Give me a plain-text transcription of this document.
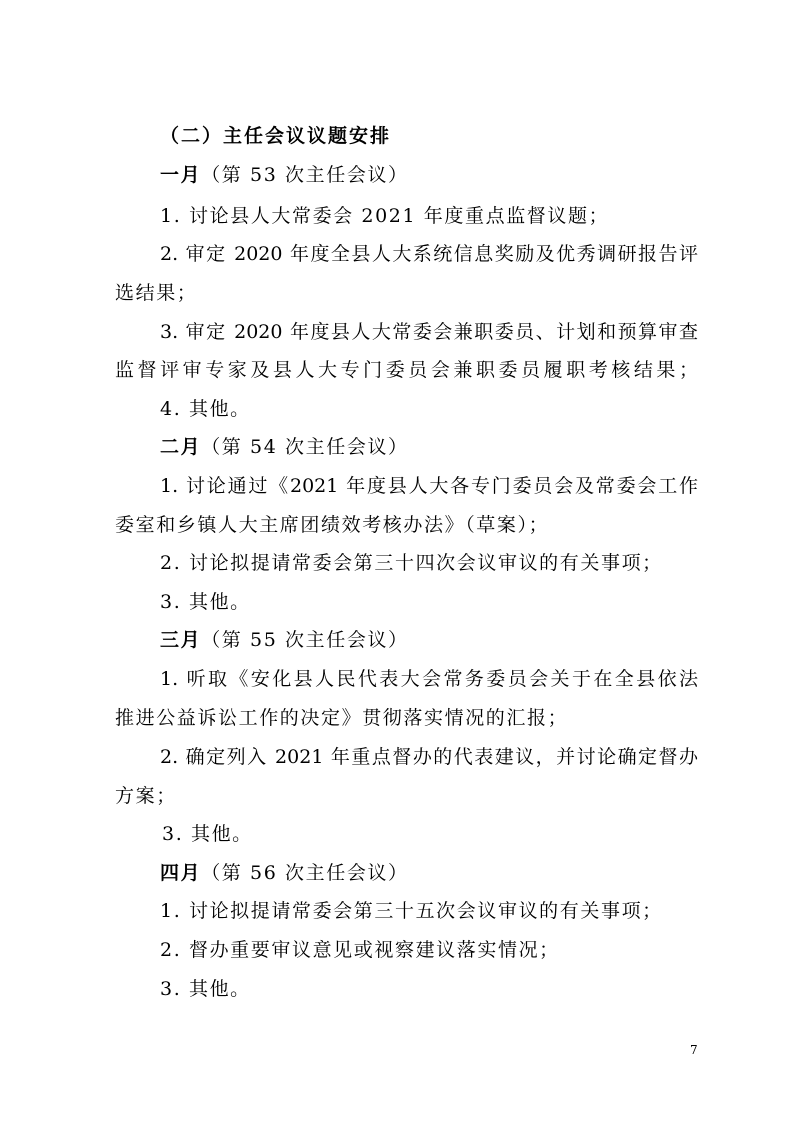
（二）主任会议议题安排
一月（第 53 次主任会议）
1. 讨论县人大常委会 2021 年度重点监督议题；
2. 审定 2020 年度全县人大系统信息奖励及优秀调研报告评
选结果；
3. 审定 2020 年度县人大常委会兼职委员、计划和预算审查
监督评审专家及县人大专门委员会兼职委员履职考核结果；
4. 其他。
二月（第 54 次主任会议）
1. 讨论通过《2021 年度县人大各专门委员会及常委会工作
委室和乡镇人大主席团绩效考核办法》（草案）；
2. 讨论拟提请常委会第三十四次会议审议的有关事项；
3. 其他。
三月（第 55 次主任会议）
1. 听取《安化县人民代表大会常务委员会关于在全县依法
推进公益诉讼工作的决定》贯彻落实情况的汇报；
2. 确定列入 2021 年重点督办的代表建议，并讨论确定督办
方案；
3. 其他。
四月（第 56 次主任会议）
1. 讨论拟提请常委会第三十五次会议审议的有关事项；
2. 督办重要审议意见或视察建议落实情况；
3. 其他。
7
